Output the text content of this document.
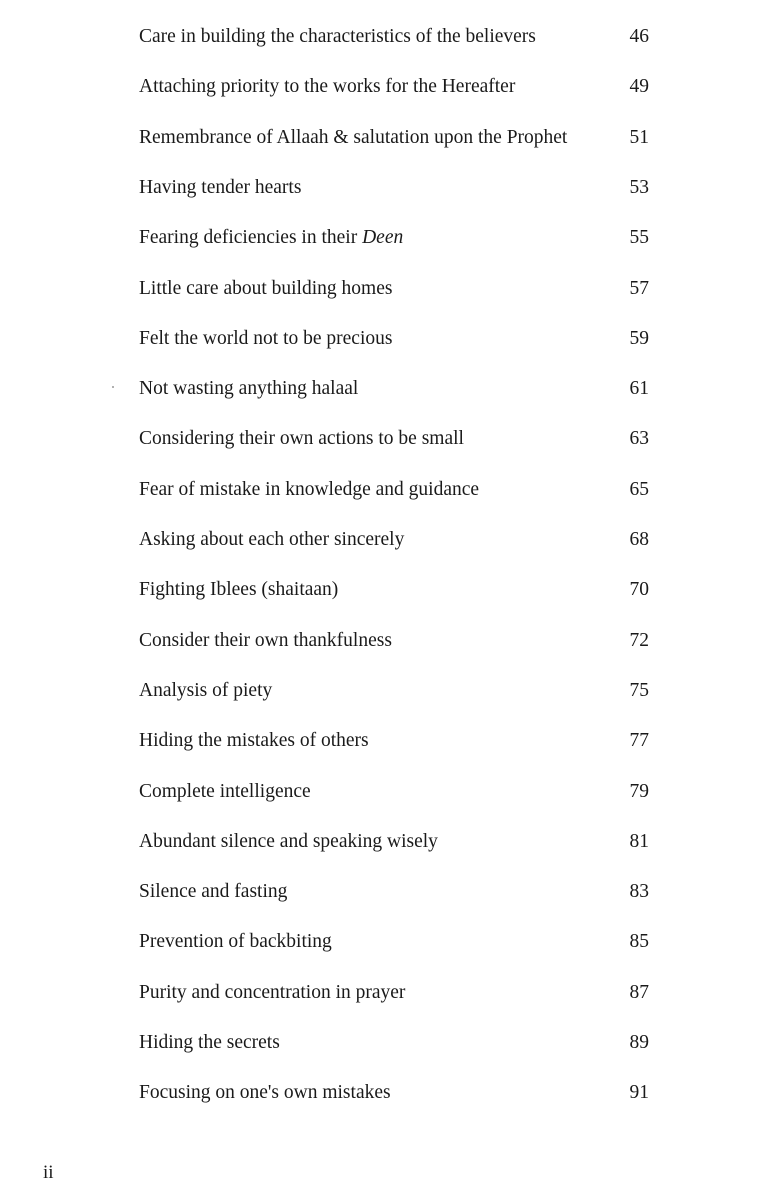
Care in building the characteristics of the believers	46
Attaching priority to the works for the Hereafter	49
Remembrance of Allaah & salutation upon the Prophet	51
Having tender hearts	53
Fearing deficiencies in their Deen	55
Little care about building homes	57
Felt the world not to be precious	59
Not wasting anything halaal	61
Considering their own actions to be small	63
Fear of mistake in knowledge and guidance	65
Asking about each other sincerely	68
Fighting Iblees (shaitaan)	70
Consider their own thankfulness	72
Analysis of piety	75
Hiding the mistakes of others	77
Complete intelligence	79
Abundant silence and speaking wisely	81
Silence and fasting	83
Prevention of backbiting	85
Purity and concentration in prayer	87
Hiding the secrets	89
Focusing on one's own mistakes	91
ii
